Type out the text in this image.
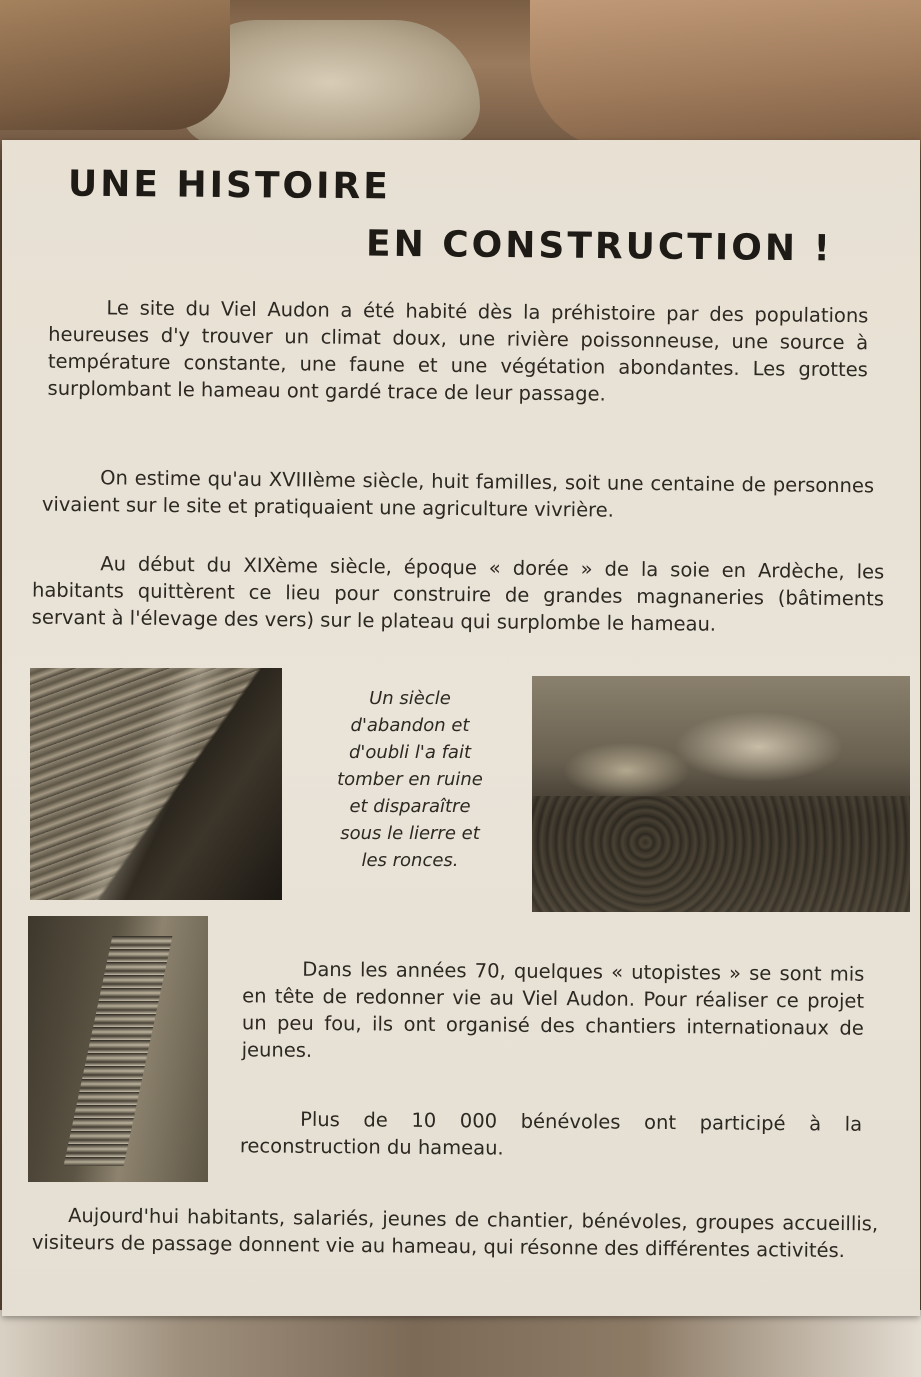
UNE HISTOIRE
EN CONSTRUCTION !

Le site du Viel Audon a été habité dès la préhistoire par des populations heureuses d'y trouver un climat doux, une rivière poissonneuse, une source à température constante, une faune et une végétation abondantes. Les grottes surplombant le hameau ont gardé trace de leur passage.

On estime qu'au XVIIIème siècle, huit familles, soit une centaine de personnes vivaient sur le site et pratiquaient une agriculture vivrière.

Au début du XIXème siècle, époque « dorée » de la soie en Ardèche, les habitants quittèrent ce lieu pour construire de grandes magnaneries (bâtiments servant à l'élevage des vers) sur le plateau qui surplombe le hameau.

Un siècle d'abandon et d'oubli l'a fait tomber en ruine et disparaître sous le lierre et les ronces.

Dans les années 70, quelques « utopistes » se sont mis en tête de redonner vie au Viel Audon. Pour réaliser ce projet un peu fou, ils ont organisé des chantiers internationaux de jeunes.

Plus de 10 000 bénévoles ont participé à la reconstruction du hameau.

Aujourd'hui habitants, salariés, jeunes de chantier, bénévoles, groupes accueillis, visiteurs de passage donnent vie au hameau, qui résonne des différentes activités.
